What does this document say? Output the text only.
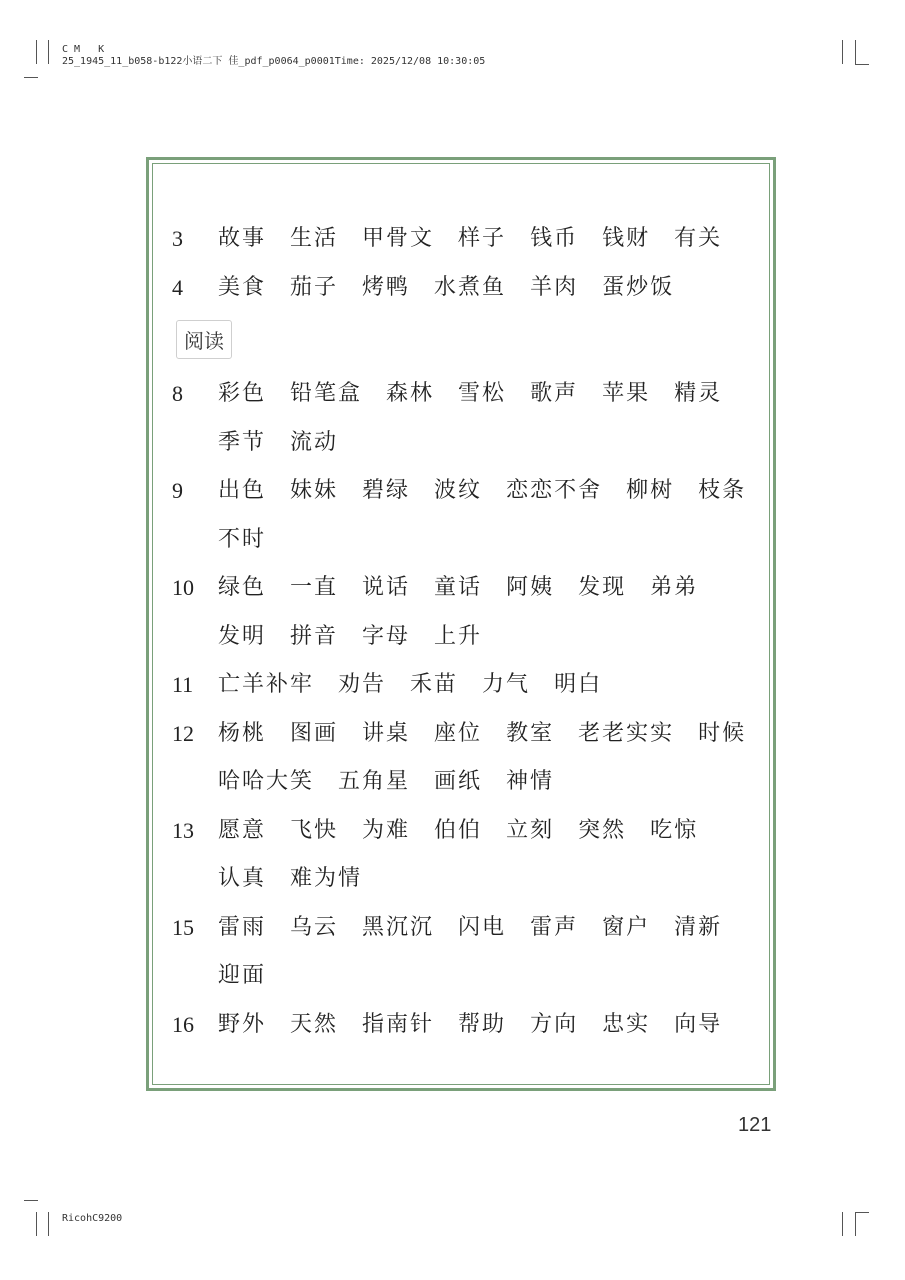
C M   K
25_1945_11_b058-b122小语二下 佳_pdf_p0064_p0001Time: 2025/12/08 10:30:05
3	故事 生活 甲骨文 样子 钱币 钱财 有关
4	美食 茄子 烤鸭 水煮鱼 羊肉 蛋炒饭
阅读
8	彩色 铅笔盒 森林 雪松 歌声 苹果 精灵
季节 流动
9	出色 妹妹 碧绿 波纹 恋恋不舍 柳树 枝条
不时
10	绿色 一直 说话 童话 阿姨 发现 弟弟
发明 拼音 字母 上升
11	亡羊补牢 劝告 禾苗 力气 明白
12	杨桃 图画 讲桌 座位 教室 老老实实 时候
哈哈大笑 五角星 画纸 神情
13	愿意 飞快 为难 伯伯 立刻 突然 吃惊
认真 难为情
15	雷雨 乌云 黑沉沉 闪电 雷声 窗户 清新
迎面
16	野外 天然 指南针 帮助 方向 忠实 向导
121
RicohC9200
